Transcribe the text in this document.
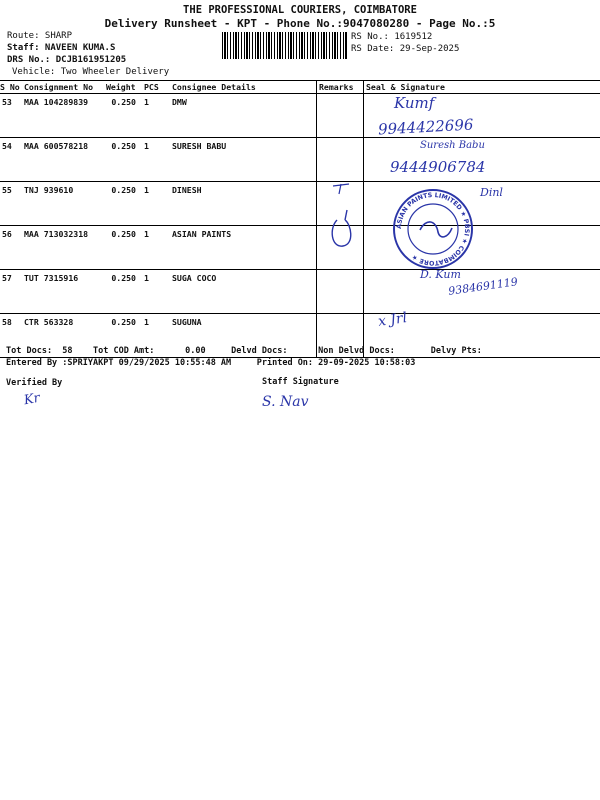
THE PROFESSIONAL COURIERS, COIMBATORE
Delivery Runsheet - KPT - Phone No.:9047080280 - Page No.:5
Route: SHARP
Staff: NAVEEN KUMA.S
DRS No.: DCJB161951205
Vehicle: Two Wheeler Delivery
RS No.: 1619512
RS Date: 29-Sep-2025
S No	Consignment No	Weight	PCS	Consignee Details	Remarks	Seal & Signature
53	MAA 104289839	0.250	1	DMW		
54	MAA 600578218	0.250	1	SURESH BABU		
55	TNJ 939610	0.250	1	DINESH		
56	MAA 713032318	0.250	1	ASIAN PAINTS		
57	TUT 7315916	0.250	1	SUGA COCO		
58	CTR 563328	0.250	1	SUGUNA		
Kumf
9944422696
Suresh Babu
9444906784
Dinl
D. Kum
9384691119
x Jrl
ASIAN PAINTS LIMITED ★ PBSI ★ COIMBATORE ★
Tot Docs:  58    Tot COD Amt:      0.00     Delvd Docs:      Non Delvd Docs:       Delvy Pts:
Entered By :SPRIYAKPT 09/29/2025 10:55:48 AM     Printed On: 29-09-2025 10:58:03
Verified By	Staff Signature
Kr	S. Nav
